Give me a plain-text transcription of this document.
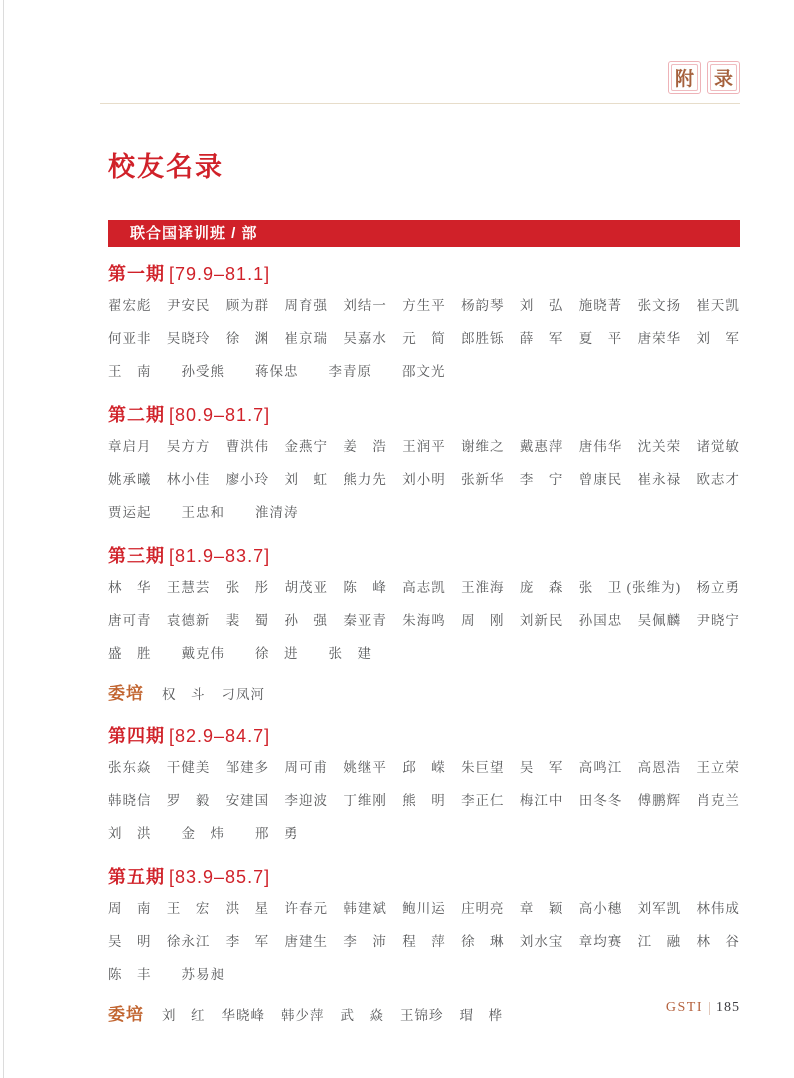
附 录
校友名录
联合国译训班 / 部
第一期 [79.9–81.1]
翟宏彪 尹安民 顾为群 周育强 刘结一 方生平 杨韵琴 刘　弘 施晓菁 张文扬 崔天凯
何亚非 吴晓玲 徐　渊 崔京瑞 吴嘉水 元　简 郎胜铄 薛　军 夏　平 唐荣华 刘　军
王　南 孙受熊 蒋保忠 李青原 邵文光
第二期 [80.9–81.7]
章启月 吴方方 曹洪伟 金燕宁 姜　浩 王润平 谢维之 戴惠萍 唐伟华 沈关荣 诸觉敏
姚承曦 林小佳 廖小玲 刘　虹 熊力先 刘小明 张新华 李　宁 曾康民 崔永禄 欧志才
贾运起 王忠和 淮清涛
第三期 [81.9–83.7]
林　华 王慧芸 张　彤 胡茂亚 陈　峰 高志凯 王淮海 庞　森 张　卫 (张维为) 杨立勇
唐可青 袁德新 裴　蜀 孙　强 秦亚青 朱海鸣 周　刚 刘新民 孙国忠 吴佩麟 尹晓宁
盛　胜 戴克伟 徐　进 张　建
委培 权　斗 刁凤河
第四期 [82.9–84.7]
张东焱 干健美 邹建多 周可甫 姚继平 邱　嵘 朱巨望 吴　军 高鸣江 高恩浩 王立荣
韩晓信 罗　毅 安建国 李迎波 丁维刚 熊　明 李正仁 梅江中 田冬冬 傅鹏辉 肖克兰
刘　洪 金　炜 邢　勇
第五期 [83.9–85.7]
周　南 王　宏 洪　星 许春元 韩建斌 鲍川运 庄明亮 章　颖 高小穗 刘军凯 林伟成
吴　明 徐永江 李　军 唐建生 李　沛 程　萍 徐　琳 刘水宝 章均赛 江　融 林　谷
陈　丰 苏易昶
委培 刘　红 华晓峰 韩少萍 武　焱 王锦珍 瑁　桦
GSTI 185
